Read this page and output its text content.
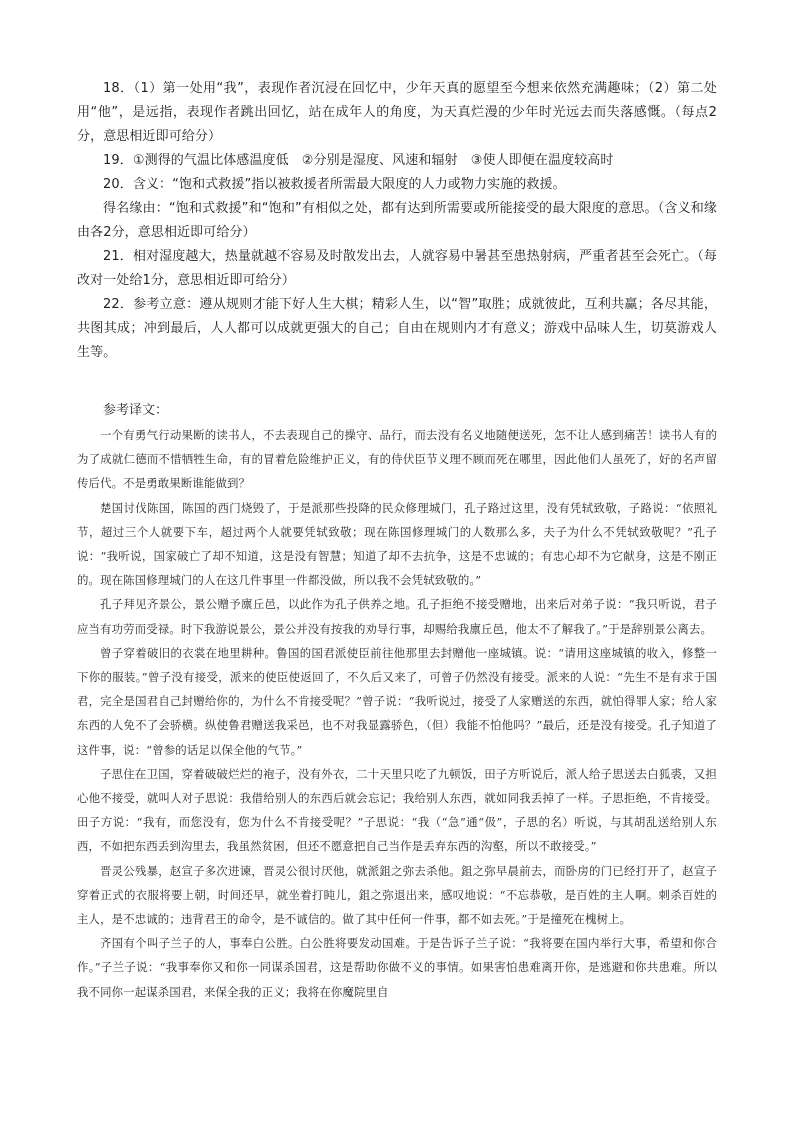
18．（1）第一处用“我”，表现作者沉浸在回忆中，少年天真的愿望至今想来依然充满趣味；（2）第二处用“他”，是远指，表现作者跳出回忆，站在成年人的角度，为天真烂漫的少年时光远去而失落感慨。（每点2分，意思相近即可给分）

19．①测得的气温比体感温度低　②分别是湿度、风速和辐射　③使人即便在温度较高时

20．含义：“饱和式救援”指以被救援者所需最大限度的人力或物力实施的救援。

得名缘由：“饱和式救援”和“饱和”有相似之处，都有达到所需要或所能接受的最大限度的意思。（含义和缘由各2分，意思相近即可给分）

21．相对湿度越大，热量就越不容易及时散发出去，人就容易中暑甚至患热射病，严重者甚至会死亡。（每改对一处给1分，意思相近即可给分）

22．参考立意：遵从规则才能下好人生大棋；精彩人生，以“智”取胜；成就彼此，互利共赢；各尽其能，共图其成；冲到最后，人人都可以成就更强大的自己；自由在规则内才有意义；游戏中品味人生，切莫游戏人生等。

参考译文：

一个有勇气行动果断的读书人，不去表现自己的操守、品行，而去没有名义地随便送死，怎不让人感到痛苦！读书人有的为了成就仁德而不惜牺牲生命，有的冒着危险维护正义，有的侍伏臣节义理不顾而死在哪里，因此他们人虽死了，好的名声留传后代。不是勇敢果断谁能做到？

楚国讨伐陈国，陈国的西门烧毁了，于是派那些投降的民众修理城门，孔子路过这里，没有凭轼致敬，子路说：“依照礼节，超过三个人就要下车，超过两个人就要凭轼致敬；现在陈国修理城门的人数那么多，夫子为什么不凭轼致敬呢？”孔子说：“我听说，国家破亡了却不知道，这是没有智慧；知道了却不去抗争，这是不忠诚的；有忠心却不为它献身，这是不刚正的。现在陈国修理城门的人在这几件事里一件都没做，所以我不会凭轼致敬的。”

孔子拜见齐景公，景公赠予廪丘邑，以此作为孔子供养之地。孔子拒绝不接受赠地，出来后对弟子说：“我只听说，君子应当有功劳而受禄。时下我游说景公，景公并没有按我的劝导行事，却赐给我廪丘邑，他太不了解我了。”于是辞别景公离去。

曾子穿着破旧的衣裳在地里耕种。鲁国的国君派使臣前往他那里去封赠他一座城镇。说：“请用这座城镇的收入，修整一下你的服装。”曾子没有接受，派来的使臣使返回了，不久后又来了，可曾子仍然没有接受。派来的人说：“先生不是有求于国君，完全是国君自己封赠给你的，为什么不肯接受呢？”曾子说：“我听说过，接受了人家赠送的东西，就怕得罪人家；给人家东西的人免不了会骄横。纵使鲁君赠送我采邑，也不对我显露骄色，（但）我能不怕他吗？”最后，还是没有接受。孔子知道了这件事，说：“曾参的话足以保全他的气节。”

子思住在卫国，穿着破破烂烂的袍子，没有外衣，二十天里只吃了九顿饭，田子方听说后，派人给子思送去白狐裘，又担心他不接受，就叫人对子思说：我借给别人的东西后就会忘记；我给别人东西，就如同我丢掉了一样。子思拒绝，不肯接受。田子方说：“我有，而您没有，您为什么不肯接受呢？”子思说：“我（“急”通“伋”，子思的名）听说，与其胡乱送给别人东西，不如把东西丢到沟里去，我虽然贫困，但还不愿意把自己当作是丢弃东西的沟壑，所以不敢接受。”

晋灵公残暴，赵宣子多次进谏，晋灵公很讨厌他，就派鉏之弥去杀他。鉏之弥早晨前去，而卧房的门已经打开了，赵宣子穿着正式的衣服将要上朝，时间还早，就坐着打盹儿，鉏之弥退出来，感叹地说：“不忘恭敬，是百姓的主人啊。刺杀百姓的主人，是不忠诚的；违背君王的命令，是不诚信的。做了其中任何一件事，都不如去死。”于是撞死在槐树上。

齐国有个叫子兰子的人，事奉白公胜。白公胜将要发动国难。于是告诉子兰子说：“我将要在国内举行大事，希望和你合作。”子兰子说：“我事奉你又和你一同谋杀国君，这是帮助你做不义的事情。如果害怕患难离开你，是逃避和你共患难。所以我不同你一起谋杀国君，来保全我的正义；我将在你魔院里自
